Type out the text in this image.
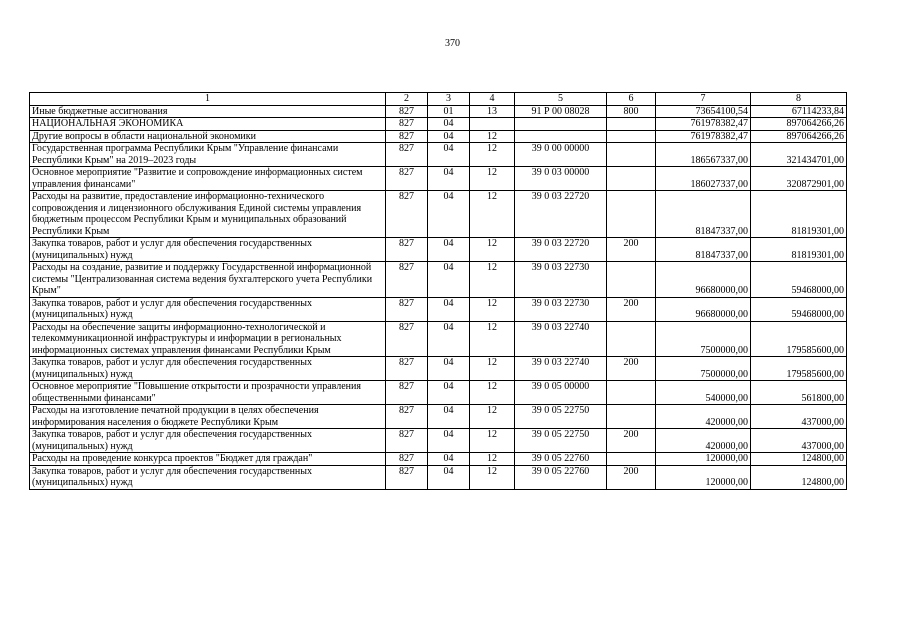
370
1	2	3	4	5	6	7	8
Иные бюджетные ассигнования	827	01	13	91 Р 00 08028	800	73654100,54	67114233,84
НАЦИОНАЛЬНАЯ ЭКОНОМИКА	827	04				761978382,47	897064266,26
Другие вопросы в области национальной экономики	827	04	12			761978382,47	897064266,26
Государственная программа Республики Крым "Управление финансами Республики Крым" на 2019–2023 годы	827	04	12	39 0 00 00000		186567337,00	321434701,00
Основное мероприятие "Развитие и сопровождение информационных систем управления финансами"	827	04	12	39 0 03 00000		186027337,00	320872901,00
Расходы на развитие, предоставление информационно-технического сопровождения и лицензионного обслуживания Единой системы управления бюджетным процессом Республики Крым и муниципальных образований Республики Крым	827	04	12	39 0 03 22720		81847337,00	81819301,00
Закупка товаров, работ и услуг для обеспечения государственных (муниципальных) нужд	827	04	12	39 0 03 22720	200	81847337,00	81819301,00
Расходы на создание, развитие и поддержку Государственной информационной системы "Централизованная система ведения бухгалтерского учета Республики Крым"	827	04	12	39 0 03 22730		96680000,00	59468000,00
Закупка товаров, работ и услуг для обеспечения государственных (муниципальных) нужд	827	04	12	39 0 03 22730	200	96680000,00	59468000,00
Расходы на обеспечение защиты информационно-технологической и телекоммуникационной инфраструктуры и информации в региональных информационных системах управления финансами Республики Крым	827	04	12	39 0 03 22740		7500000,00	179585600,00
Закупка товаров, работ и услуг для обеспечения государственных (муниципальных) нужд	827	04	12	39 0 03 22740	200	7500000,00	179585600,00
Основное мероприятие "Повышение открытости и прозрачности управления общественными финансами"	827	04	12	39 0 05 00000		540000,00	561800,00
Расходы на изготовление печатной продукции в целях обеспечения информирования населения о бюджете Республики Крым	827	04	12	39 0 05 22750		420000,00	437000,00
Закупка товаров, работ и услуг для обеспечения государственных (муниципальных) нужд	827	04	12	39 0 05 22750	200	420000,00	437000,00
Расходы на проведение конкурса проектов "Бюджет для граждан"	827	04	12	39 0 05 22760		120000,00	124800,00
Закупка товаров, работ и услуг для обеспечения государственных (муниципальных) нужд	827	04	12	39 0 05 22760	200	120000,00	124800,00
